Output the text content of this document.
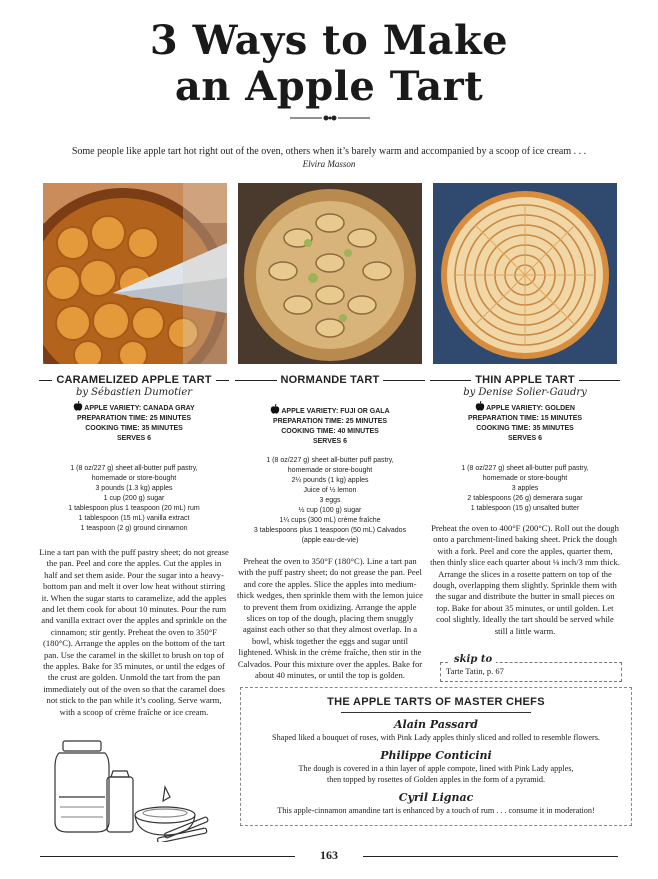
3 Ways to Make
an Apple Tart
Some people like apple tart hot right out of the oven, others when it’s barely warm and accompanied by a scoop of ice cream . . .
Elvira Masson
CARAMELIZED APPLE TART
by Sébastien Dumotier
APPLE VARIETY: CANADA GRAY
PREPARATION TIME: 25 MINUTES
COOKING TIME: 35 MINUTES
SERVES 6
1 (8 oz/227 g) sheet all-butter puff pastry,
homemade or store-bought
3 pounds (1.3 kg) apples
1 cup (200 g) sugar
1 tablespoon plus 1 teaspoon (20 mL) rum
1 tablespoon (15 mL) vanilla extract
1 teaspoon (2 g) ground cinnamon
Line a tart pan with the puff pastry sheet; do not grease the pan. Peel and core the apples. Cut the apples in half and set them aside. Pour the sugar into a heavy-bottom pan and melt it over low heat without stirring it. When the sugar starts to caramelize, add the apples and let them cook for about 10 minutes. Pour the rum and vanilla extract over the apples and sprinkle on the cinnamon; stir gently. Preheat the oven to 350°F (180°C). Arrange the apples on the bottom of the tart pan. Use the caramel in the skillet to brush on top of the apples. Bake for 35 minutes, or until the edges of the crust are golden. Unmold the tart from the pan immediately out of the oven so that the caramel does not stick to the pan while it’s cooling. Serve warm, with a scoop of crème fraîche or ice cream.
NORMANDE TART
APPLE VARIETY: FUJI OR GALA
PREPARATION TIME: 25 MINUTES
COOKING TIME: 40 MINUTES
SERVES 6
1 (8 oz/227 g) sheet all-butter puff pastry,
homemade or store-bought
2¼ pounds (1 kg) apples
Juice of ½ lemon
3 eggs
½ cup (100 g) sugar
1¼ cups (300 mL) crème fraîche
3 tablespoons plus 1 teaspoon (50 mL) Calvados
(apple eau-de-vie)
Preheat the oven to 350°F (180°C). Line a tart pan with the puff pastry sheet; do not grease the pan. Peel and core the apples. Slice the apples into medium-thick wedges, then sprinkle them with the lemon juice to prevent them from oxidizing. Arrange the apple slices on top of the dough, placing them snuggly against each other so that they almost overlap. In a bowl, whisk together the eggs and sugar until lightened. Whisk in the crème fraîche, then stir in the Calvados. Pour this mixture over the apples. Bake for about 40 minutes, or until the top is golden.
THIN APPLE TART
by Denise Solier-Gaudry
APPLE VARIETY: GOLDEN
PREPARATION TIME: 15 MINUTES
COOKING TIME: 35 MINUTES
SERVES 6
1 (8 oz/227 g) sheet all-butter puff pastry,
homemade or store-bought
3 apples
2 tablespoons (26 g) demerara sugar
1 tablespoon (15 g) unsalted butter
Preheat the oven to 400°F (200°C). Roll out the dough onto a parchment-lined baking sheet. Prick the dough with a fork. Peel and core the apples, quarter them, then thinly slice each quarter about ⅛ inch/3 mm thick. Arrange the slices in a rosette pattern on top of the dough, overlapping them slightly. Sprinkle them with the sugar and distribute the butter in small pieces on top. Bake for about 35 minutes, or until golden. Let cool slightly. Ideally the tart should be served while still a little warm.
skip to
Tarte Tatin, p. 67
THE APPLE TARTS OF MASTER CHEFS
Alain Passard
Shaped liked a bouquet of roses, with Pink Lady apples thinly sliced and rolled to resemble flowers.
Philippe Conticini
The dough is covered in a thin layer of apple compote, lined with Pink Lady apples,
then topped by rosettes of Golden apples in the form of a pyramid.
Cyril Lignac
This apple-cinnamon amandine tart is enhanced by a touch of rum . . . consume it in moderation!
163
